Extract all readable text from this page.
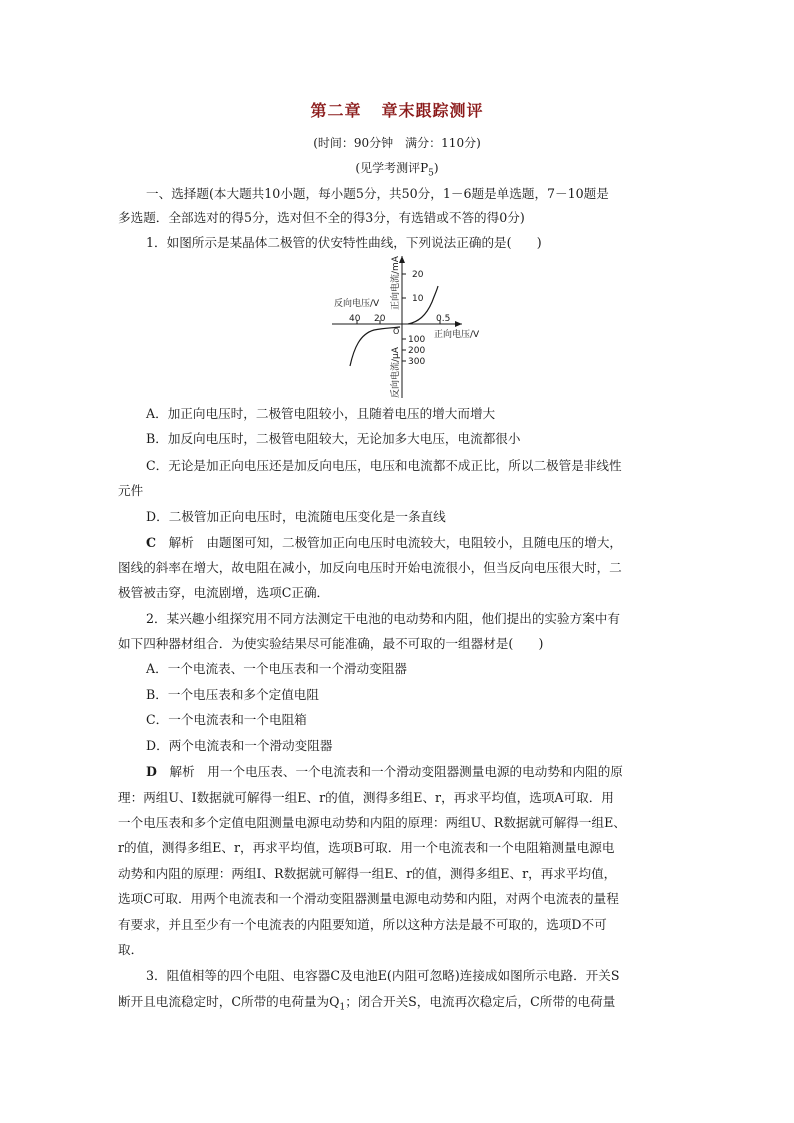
第二章 章末跟踪测评
(时间：90分钟　满分：110分)
(见学考测评$P_5$)
一、选择题(本大题共10小题，每小题5分，共50分，1－6题是单选题，7－10题是
多选题．全部选对的得5分，选对但不全的得3分，有选错或不答的得0分)
1．如图所示是某晶体二极管的伏安特性曲线，下列说法正确的是(　　)
20
10
100
200
300
40 20	0.5
O
反向电压/V
正向电压/V
正向电流/mA
反向电流/μA
A．加正向电压时，二极管电阻较小，且随着电压的增大而增大
B．加反向电压时，二极管电阻较大，无论加多大电压，电流都很小
C．无论是加正向电压还是加反向电压，电压和电流都不成正比，所以二极管是非线性
元件
D．二极管加正向电压时，电流随电压变化是一条直线
C　 解析　 由题图可知，二极管加正向电压时电流较大，电阻较小，且随电压的增大，
图线的斜率在增大，故电阻在减小，加反向电压时开始电流很小，但当反向电压很大时，二
极管被击穿，电流剧增，选项C正确．
2．某兴趣小组探究用不同方法测定干电池的电动势和内阻，他们提出的实验方案中有
如下四种器材组合．为使实验结果尽可能准确，最不可取的一组器材是(　　)
A．一个电流表、一个电压表和一个滑动变阻器
B．一个电压表和多个定值电阻
C．一个电流表和一个电阻箱
D．两个电流表和一个滑动变阻器
D　 解析　 用一个电压表、一个电流表和一个滑动变阻器测量电源的电动势和内阻的原
理：两组U、I数据就可解得一组E、r的值，测得多组E、r，再求平均值，选项A可取．用
一个电压表和多个定值电阻测量电源电动势和内阻的原理：两组U、R数据就可解得一组E、
r的值，测得多组E、r，再求平均值，选项B可取．用一个电流表和一个电阻箱测量电源电
动势和内阻的原理：两组I、R数据就可解得一组E、r的值，测得多组E、r，再求平均值，
选项C可取．用两个电流表和一个滑动变阻器测量电源电动势和内阻，对两个电流表的量程
有要求，并且至少有一个电流表的内阻要知道，所以这种方法是最不可取的，选项D不可
取．
3．阻值相等的四个电阻、电容器C及电池E(内阻可忽略)连接成如图所示电路．开关S
断开且电流稳定时，C所带的电荷量为$Q_1$；闭合开关S，电流再次稳定后，C所带的电荷量
